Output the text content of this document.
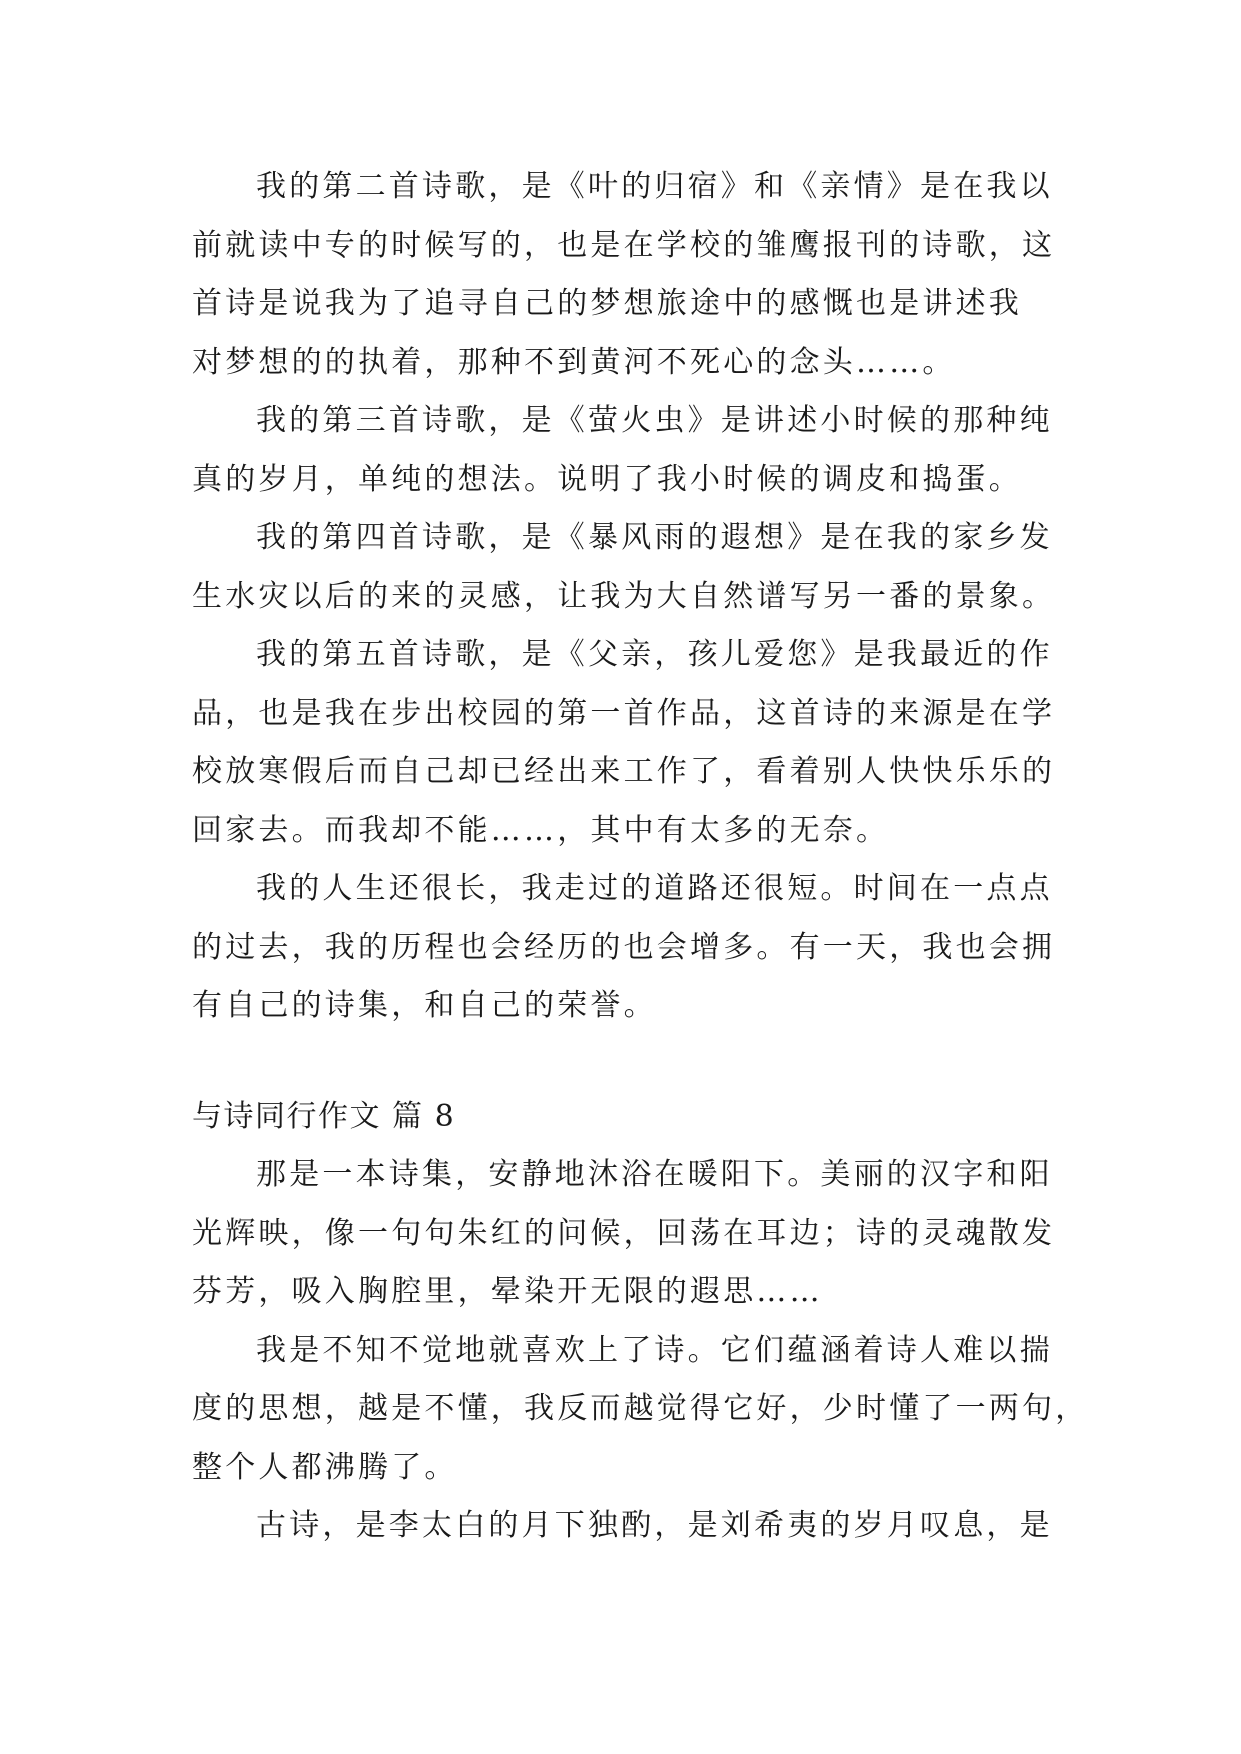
我的第二首诗歌，是《叶的归宿》和《亲情》是在我以
前就读中专的时候写的，也是在学校的雏鹰报刊的诗歌，这
首诗是说我为了追寻自己的梦想旅途中的感慨也是讲述我
对梦想的的执着，那种不到黄河不死心的念头……。
我的第三首诗歌，是《萤火虫》是讲述小时候的那种纯
真的岁月，单纯的想法。说明了我小时候的调皮和捣蛋。
我的第四首诗歌，是《暴风雨的遐想》是在我的家乡发
生水灾以后的来的灵感，让我为大自然谱写另一番的景象。
我的第五首诗歌，是《父亲，孩儿爱您》是我最近的作
品，也是我在步出校园的第一首作品，这首诗的来源是在学
校放寒假后而自己却已经出来工作了，看着别人快快乐乐的
回家去。而我却不能……，其中有太多的无奈。
我的人生还很长，我走过的道路还很短。时间在一点点
的过去，我的历程也会经历的也会增多。有一天，我也会拥
有自己的诗集，和自己的荣誉。
与诗同行作文 篇 8
那是一本诗集，安静地沐浴在暖阳下。美丽的汉字和阳
光辉映，像一句句朱红的问候，回荡在耳边；诗的灵魂散发
芬芳，吸入胸腔里，晕染开无限的遐思……
我是不知不觉地就喜欢上了诗。它们蕴涵着诗人难以揣
度的思想，越是不懂，我反而越觉得它好，少时懂了一两句，
整个人都沸腾了。
古诗，是李太白的月下独酌，是刘希夷的岁月叹息，是
